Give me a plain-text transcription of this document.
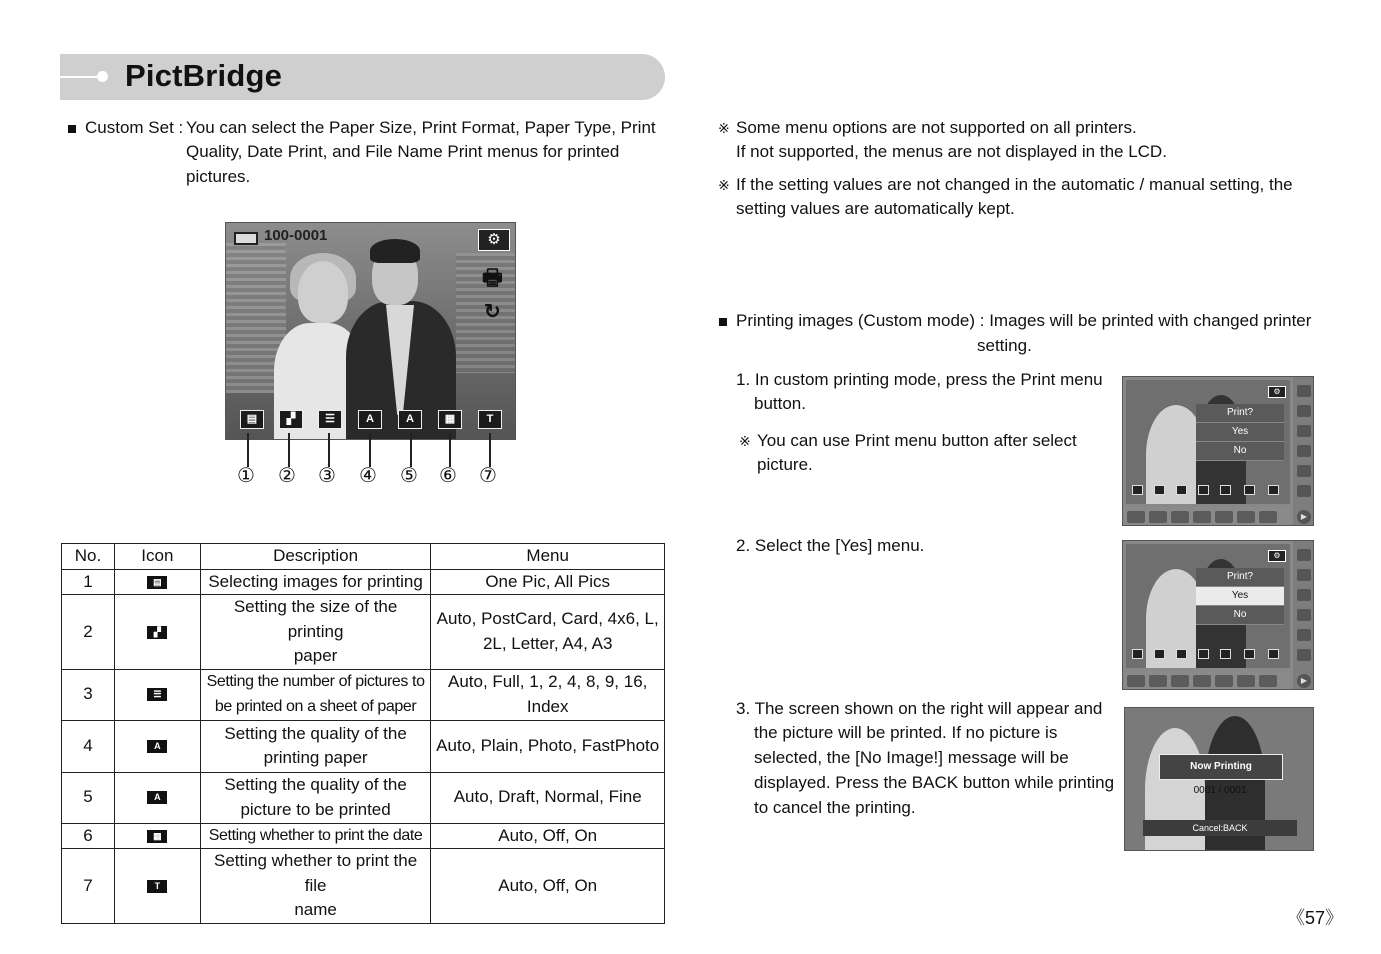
PictBridge
Custom Set : You can select the Paper Size, Print Format, Paper Type, Print
Quality, Date Print, and File Name Print menus for printed
pictures.
100-0001	⚙
🖶
↻
▤	▞	☰	A	A	▦	T
① ② ③ ④ ⑤ ⑥ ⑦
No.	Icon	Description	Menu
1	▤	Selecting images for printing	One Pic, All Pics
2	▞	Setting the size of the printing
paper	Auto, PostCard, Card, 4x6, L,
2L, Letter, A4, A3
3	☰	Setting the number of pictures to
be printed on a sheet of paper	Auto, Full, 1, 2, 4, 8, 9, 16,
Index
4	A	Setting the quality of the
printing paper	Auto, Plain, Photo, FastPhoto
5	A	Setting the quality of the
picture to be printed	Auto, Draft, Normal, Fine
6	▦	Setting whether to print the date	Auto, Off, On
7	T	Setting whether to print the file
name	Auto, Off, On
※ Some menu options are not supported on all printers.
If not supported, the menus are not displayed in the LCD.
※ If the setting values are not changed in the automatic / manual setting, the
setting values are automatically kept.
Printing images (Custom mode) : Images will be printed with changed printer
setting.
1. In custom printing mode, press the Print menu
button.
※ You can use Print menu button after select
picture.
2. Select the [Yes] menu.
3. The screen shown on the right will appear and
the picture will be printed. If no picture is
selected, the [No Image!] message will be
displayed. Press the BACK button while printing
to cancel the printing.
⚙
Print?
Yes
No
▶
⚙
Print?
Yes
No
▶
Now Printing
0001 / 0001
Cancel:BACK
《57》
